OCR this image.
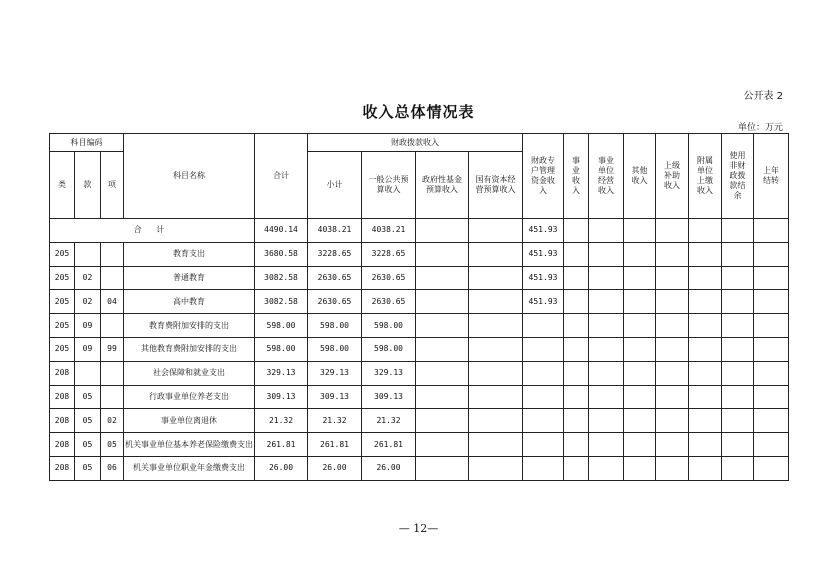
公开表 2
收入总体情况表
单位：万元
科目编码			科目名称	合计	财政拨款收入				财政专户管理资金收入	事业收入	事业单位经营收入	其他收入	上级补助收入	附属单位上缴收入	使用非财政拨款结余	上年结转
类	款	项			小计	一般公共预算收入	政府性基金预算收入	国有资本经营预算收入								
合 计				4490.14	4038.21	4038.21			451.93							
205			教育支出	3680.58	3228.65	3228.65			451.93							
205	02		普通教育	3082.58	2630.65	2630.65			451.93							
205	02	04	高中教育	3082.58	2630.65	2630.65			451.93							
205	09		教育费附加安排的支出	598.00	598.00	598.00										
205	09	99	其他教育费附加安排的支出	598.00	598.00	598.00										
208			社会保障和就业支出	329.13	329.13	329.13										
208	05		行政事业单位养老支出	309.13	309.13	309.13										
208	05	02	事业单位离退休	21.32	21.32	21.32										
208	05	05	机关事业单位基本养老保险缴费支出	261.81	261.81	261.81										
208	05	06	机关事业单位职业年金缴费支出	26.00	26.00	26.00										
— 12—
